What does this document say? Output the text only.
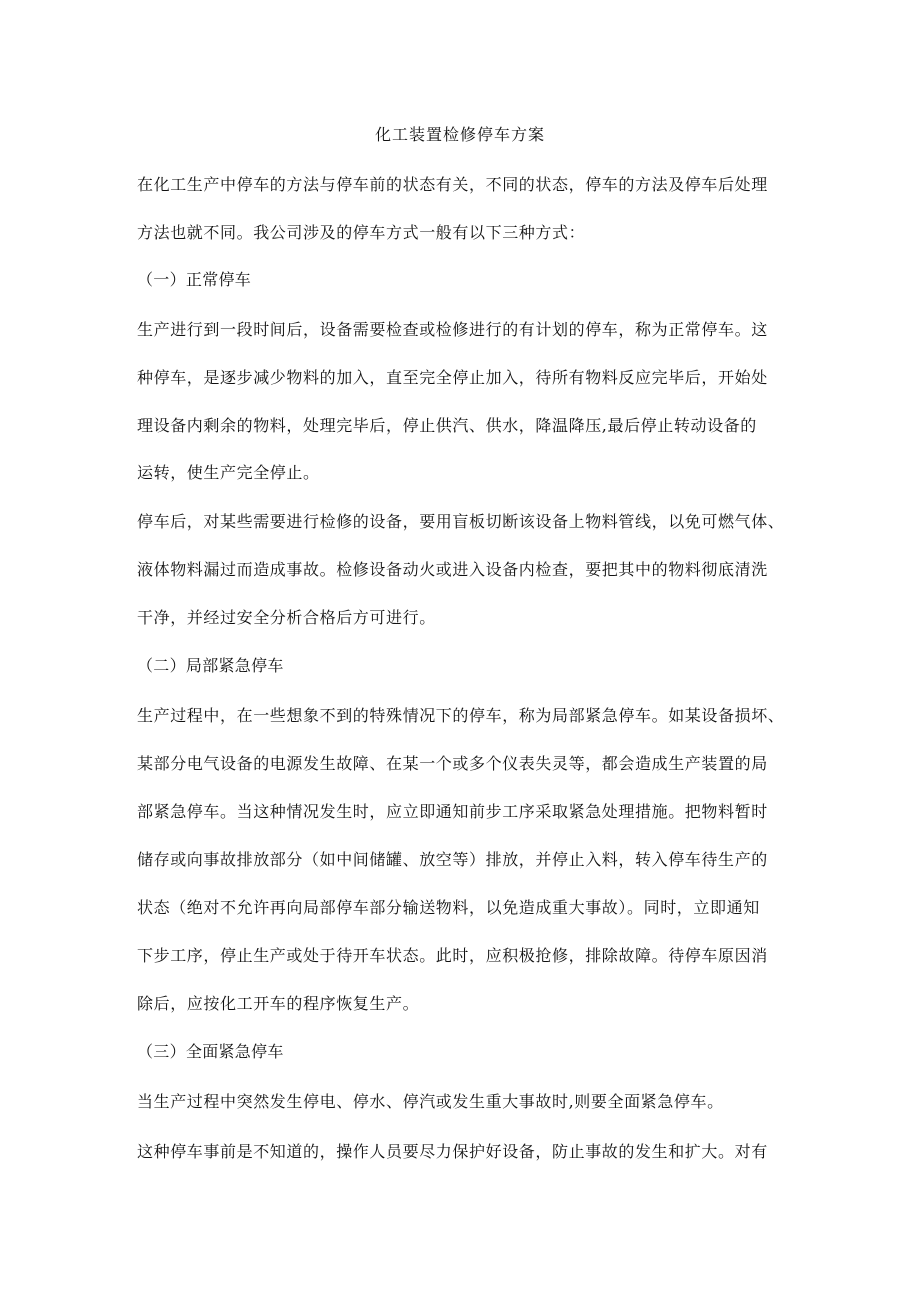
化工装置检修停车方案
在化工生产中停车的方法与停车前的状态有关，不同的状态，停车的方法及停车后处理
方法也就不同。我公司涉及的停车方式一般有以下三种方式：
（一）正常停车
生产进行到一段时间后，设备需要检查或检修进行的有计划的停车，称为正常停车。这
种停车，是逐步减少物料的加入，直至完全停止加入，待所有物料反应完毕后，开始处
理设备内剩余的物料，处理完毕后，停止供汽、供水，降温降压,最后停止转动设备的
运转，使生产完全停止。
停车后，对某些需要进行检修的设备，要用盲板切断该设备上物料管线，以免可燃气体、
液体物料漏过而造成事故。检修设备动火或进入设备内检查，要把其中的物料彻底清洗
干净，并经过安全分析合格后方可进行。
（二）局部紧急停车
生产过程中，在一些想象不到的特殊情况下的停车，称为局部紧急停车。如某设备损坏、
某部分电气设备的电源发生故障、在某一个或多个仪表失灵等，都会造成生产装置的局
部紧急停车。当这种情况发生时，应立即通知前步工序采取紧急处理措施。把物料暂时
储存或向事故排放部分（如中间储罐、放空等）排放，并停止入料，转入停车待生产的
状态（绝对不允许再向局部停车部分输送物料，以免造成重大事故）。同时，立即通知
下步工序，停止生产或处于待开车状态。此时，应积极抢修，排除故障。待停车原因消
除后，应按化工开车的程序恢复生产。
（三）全面紧急停车
当生产过程中突然发生停电、停水、停汽或发生重大事故时,则要全面紧急停车。
这种停车事前是不知道的，操作人员要尽力保护好设备，防止事故的发生和扩大。对有
